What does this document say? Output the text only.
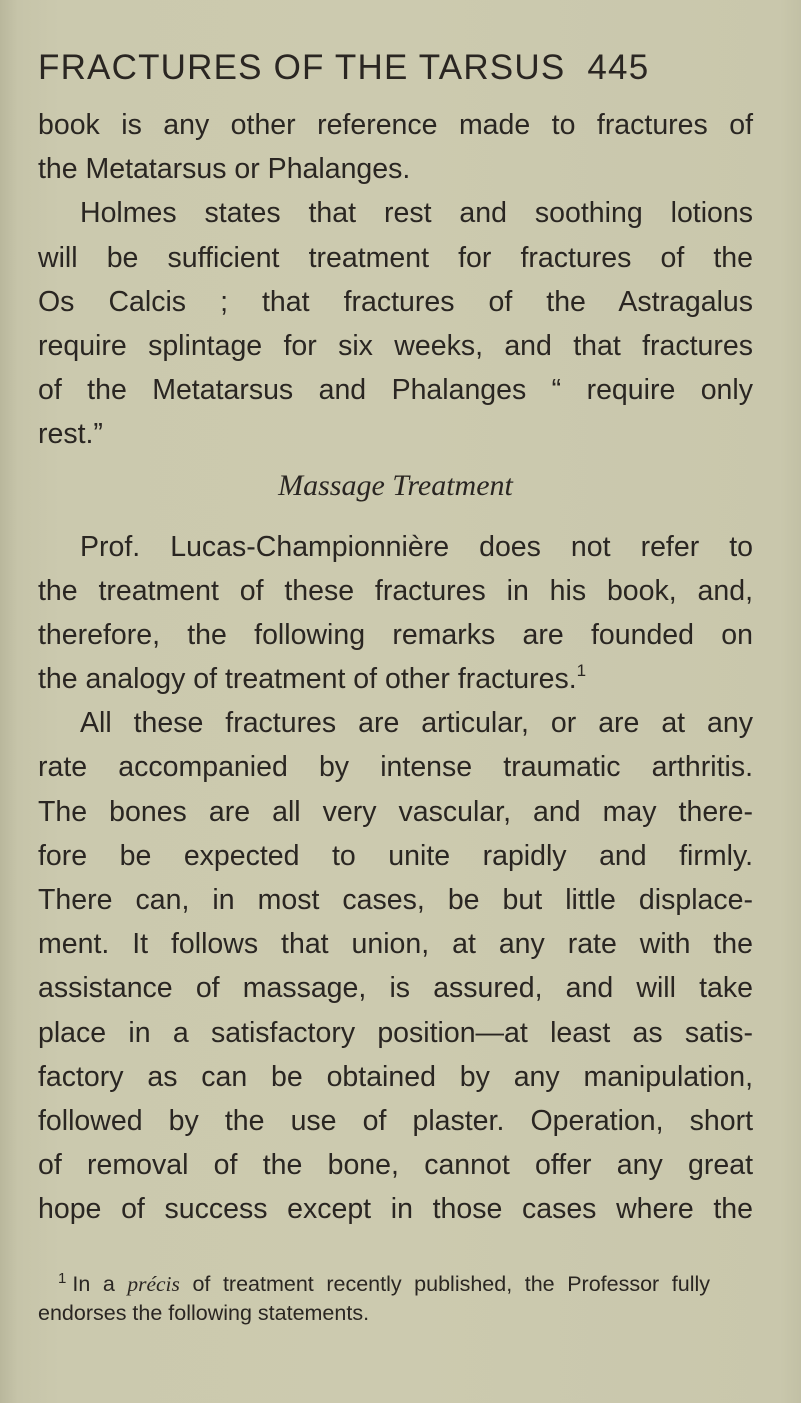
FRACTURES OF THE TARSUS 445
book is any other reference made to fractures of
the Metatarsus or Phalanges.
Holmes states that rest and soothing lotions
will be sufficient treatment for fractures of the
Os Calcis ; that fractures of the Astragalus
require splintage for six weeks, and that fractures
of the Metatarsus and Phalanges “ require only
rest.”
Massage Treatment
Prof. Lucas-Championnière does not refer to
the treatment of these fractures in his book, and,
therefore, the following remarks are founded on
the analogy of treatment of other fractures.$^1$
All these fractures are articular, or are at any
rate accompanied by intense traumatic arthritis.
The bones are all very vascular, and may there-
fore be expected to unite rapidly and firmly.
There can, in most cases, be but little displace-
ment. It follows that union, at any rate with the
assistance of massage, is assured, and will take
place in a satisfactory position—at least as satis-
factory as can be obtained by any manipulation,
followed by the use of plaster. Operation, short
of removal of the bone, cannot offer any great
hope of success except in those cases where the
$^1$ In a précis of treatment recently published, the Professor fully
endorses the following statements.
